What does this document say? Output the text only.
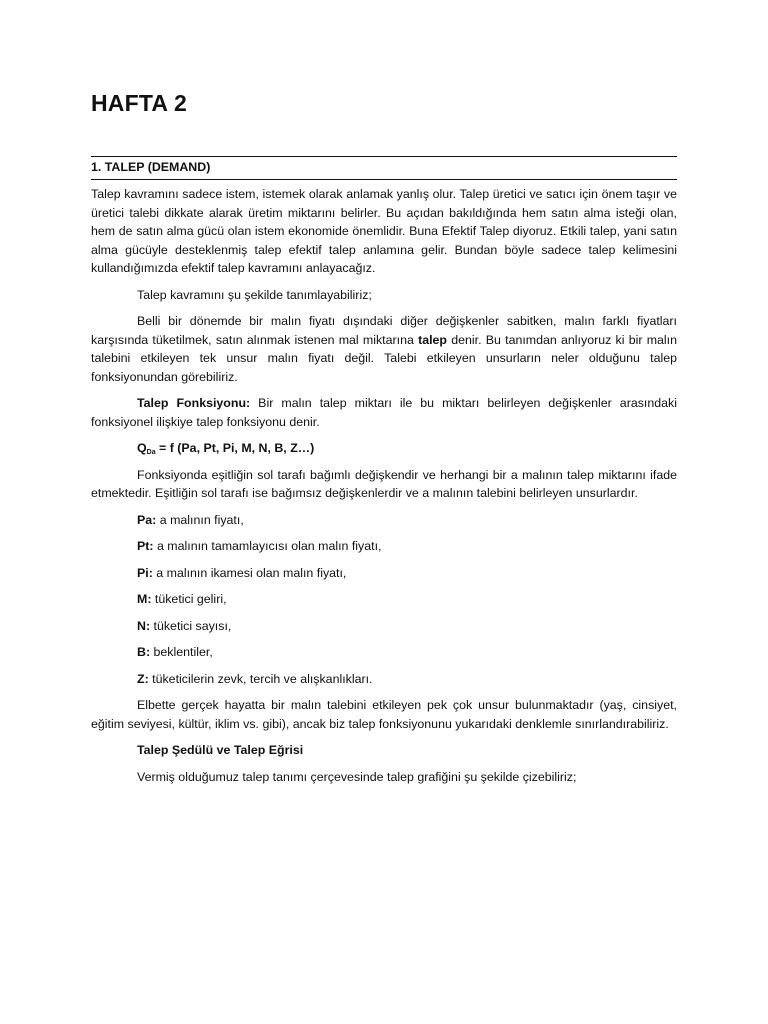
HAFTA 2
1. TALEP (DEMAND)

Talep kavramını sadece istem, istemek olarak anlamak yanlış olur. Talep üretici ve satıcı için önem taşır ve üretici talebi dikkate alarak üretim miktarını belirler. Bu açıdan bakıldığında hem satın alma isteği olan, hem de satın alma gücü olan istem ekonomide önemlidir. Buna Efektif Talep diyoruz. Etkili talep, yani satın alma gücüyle desteklenmiş talep efektif talep anlamına gelir. Bundan böyle sadece talep kelimesini kullandığımızda efektif talep kavramını anlayacağız.

Talep kavramını şu şekilde tanımlayabiliriz;

Belli bir dönemde bir malın fiyatı dışındaki diğer değişkenler sabitken, malın farklı fiyatları karşısında tüketilmek, satın alınmak istenen mal miktarına talep denir. Bu tanımdan anlıyoruz ki bir malın talebini etkileyen tek unsur malın fiyatı değil. Talebi etkileyen unsurların neler olduğunu talep fonksiyonundan görebiliriz.

Talep Fonksiyonu: Bir malın talep miktarı ile bu miktarı belirleyen değişkenler arasındaki fonksiyonel ilişkiye talep fonksiyonu denir.

$Q_{Da} = f$ (Pa, Pt, Pi, M, N, B, Z…)

Fonksiyonda eşitliğin sol tarafı bağımlı değişkendir ve herhangi bir a malının talep miktarını ifade etmektedir. Eşitliğin sol tarafı ise bağımsız değişkenlerdir ve a malının talebini belirleyen unsurlardır.

Pa: a malının fiyatı,
Pt: a malının tamamlayıcısı olan malın fiyatı,
Pi: a malının ikamesi olan malın fiyatı,
M: tüketici geliri,
N: tüketici sayısı,
B: beklentiler,
Z: tüketicilerin zevk, tercih ve alışkanlıkları.

Elbette gerçek hayatta bir malın talebini etkileyen pek çok unsur bulunmaktadır (yaş, cinsiyet, eğitim seviyesi, kültür, iklim vs. gibi), ancak biz talep fonksiyonunu yukarıdaki denklemle sınırlandırabiliriz.

Talep Şedülü ve Talep Eğrisi

Vermiş olduğumuz talep tanımı çerçevesinde talep grafiğini şu şekilde çizebiliriz;
